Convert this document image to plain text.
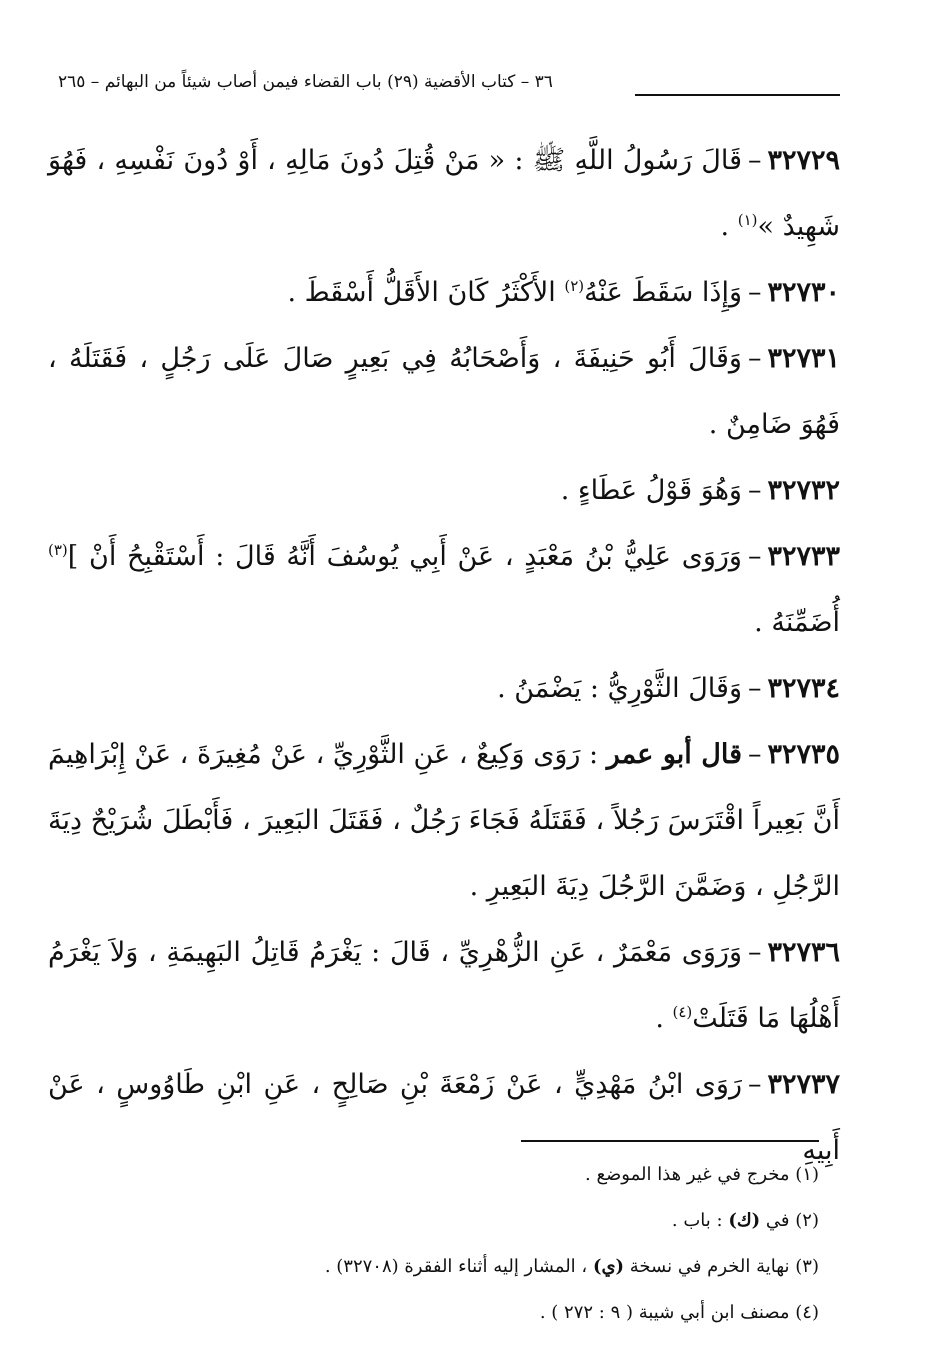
٣٦ – كتاب الأقضية (٢٩) باب القضاء فيمن أصاب شيئاً من البهائم – ٢٦٥

٣٢٧٢٩–قَالَ رَسُولُ اللَّهِ ﷺ : « مَنْ قُتِلَ دُونَ مَالِهِ ، أَوْ دُونَ نَفْسِهِ ، فَهُوَ شَهِيدٌ »$^{(١)}$ .

٣٢٧٣٠–وَإِذَا سَقَطَ عَنْهُ$^{(٢)}$ الأَكْثَرُ كَانَ الأَقَلُّ أَسْقَطَ .

٣٢٧٣١–وَقَالَ أَبُو حَنِيفَةَ ، وَأَصْحَابُهُ فِي بَعِيرٍ صَالَ عَلَى رَجُلٍ ، فَقَتَلَهُ ، فَهُوَ ضَامِنٌ .

٣٢٧٣٢–وَهُوَ قَوْلُ عَطَاءٍ .

٣٢٧٣٣–وَرَوَى عَلِيُّ بْنُ مَعْبَدٍ ، عَنْ أَبِي يُوسُفَ أَنَّهُ قَالَ : أَسْتَقْبِحُ أَنْ ]$^{(٣)}$ أُضَمِّنَهُ .

٣٢٧٣٤–وَقَالَ الثَّوْرِيُّ : يَضْمَنُ .

٣٢٧٣٥–قال أبو عمر : رَوَى وَكِيعٌ ، عَنِ الثَّوْرِيِّ ، عَنْ مُغِيرَةَ ، عَنْ إِبْرَاهِيمَ أَنَّ بَعِيراً اقْتَرَسَ رَجُلاً ، فَقَتَلَهُ فَجَاءَ رَجُلٌ ، فَقَتَلَ البَعِيرَ ، فَأَبْطَلَ شُرَيْحٌ دِيَةَ الرَّجُلِ ، وَضَمَّنَ الرَّجُلَ دِيَةَ البَعِيرِ .

٣٢٧٣٦–وَرَوَى مَعْمَرٌ ، عَنِ الزُّهْرِيِّ ، قَالَ : يَغْرَمُ قَاتِلُ البَهِيمَةِ ، وَلاَ يَغْرَمُ أَهْلُهَا مَا قَتَلَتْ$^{(٤)}$ .

٣٢٧٣٧–رَوَى ابْنُ مَهْدِيٍّ ، عَنْ زَمْعَةَ بْنِ صَالِحٍ ، عَنِ ابْنِ طَاوُوسٍ ، عَنْ أَبِيهِ

(١) مخرج في غير هذا الموضع .
(٢) في (ك) : باب .
(٣) نهاية الخرم في نسخة (ي) ، المشار إليه أثناء الفقرة (٣٢٧٠٨) .
(٤) مصنف ابن أبي شيبة ( ٩ : ٢٧٢ ) .
